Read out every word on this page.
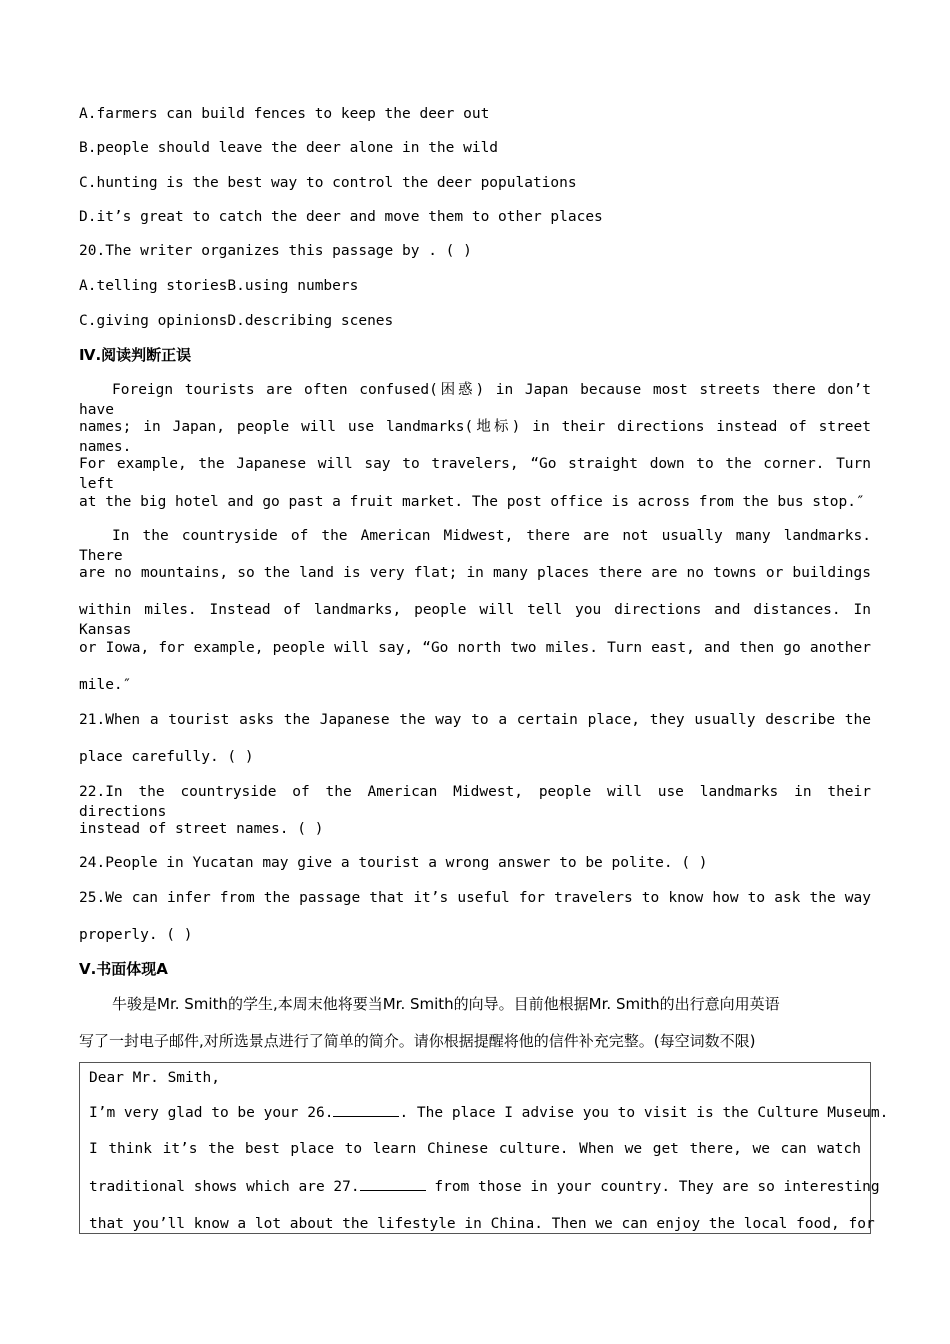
A.farmers can build fences to keep the deer out
B.people should leave the deer alone in the wild
C.hunting is the best way to control the deer populations
D.it’s great to catch the deer and move them to other places
20.The writer organizes this passage by . ( )
A.telling storiesB.using numbers
C.giving opinionsD.describing scenes
Ⅳ.阅读判断正误
Foreign tourists are often confused(困惑) in Japan because most streets there don’t have
names; in Japan, people will use landmarks(地标) in their directions instead of street names.
For example, the Japanese will say to travelers, “Go straight down to the corner. Turn left
at the big hotel and go past a fruit market. The post office is across from the bus stop.″
In the countryside of the American Midwest, there are not usually many landmarks. There
are no mountains, so the land is very flat; in many places there are no towns or buildings
within miles. Instead of landmarks, people will tell you directions and distances. In Kansas
or Iowa, for example, people will say, “Go north two miles. Turn east, and then go another
mile.″
21.When a tourist asks the Japanese the way to a certain place, they usually describe the
place carefully. ( )
22.In the countryside of the American Midwest, people will use landmarks in their directions
instead of street names. ( )
24.People in Yucatan may give a tourist a wrong answer to be polite. ( )
25.We can infer from the passage that it’s useful for travelers to know how to ask the way
properly. ( )
Ⅴ.书面体现A
牛骏是Mr. Smith的学生,本周末他将要当Mr. Smith的向导。目前他根据Mr. Smith的出行意向用英语
写了一封电子邮件,对所选景点进行了简单的简介。请你根据提醒将他的信件补充完整。(每空词数不限)
Dear Mr. Smith,
I’m very glad to be your 26.	. The place I advise you to visit is the Culture Museum.
I think it’s the best place to learn Chinese culture. When we get there, we can watch
traditional shows which are 27.	from those in your country. They are so interesting
that you’ll know a lot about the lifestyle in China. Then we can enjoy the local food, for
